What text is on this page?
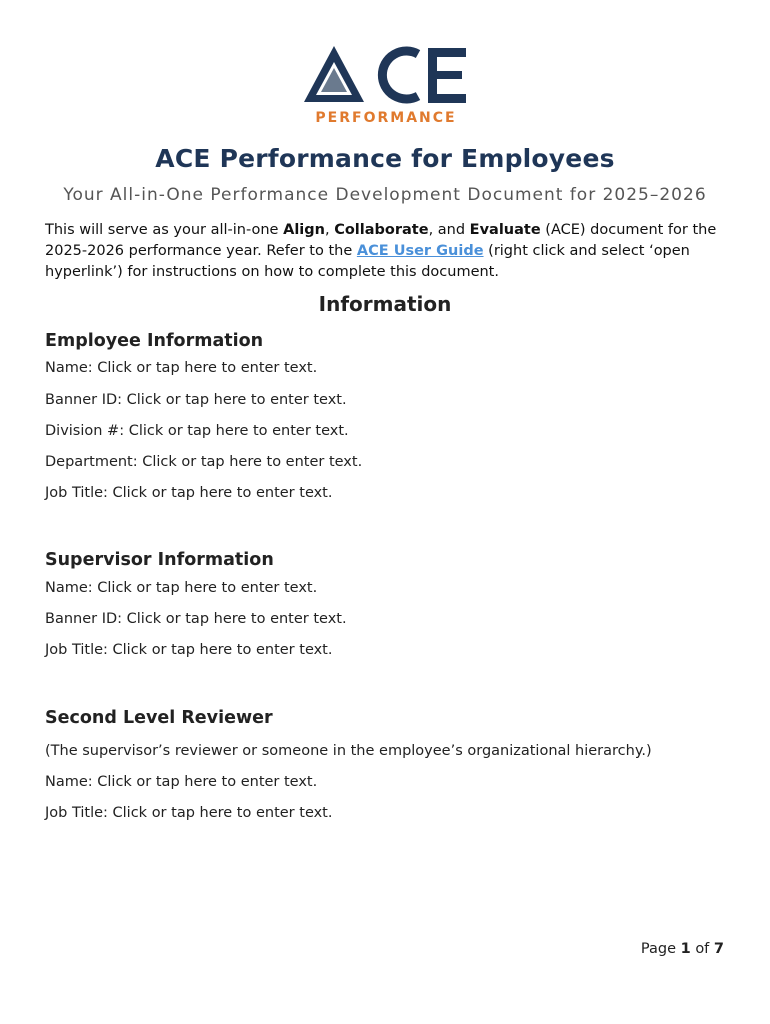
PERFORMANCE
ACE Performance for Employees
Your All-in-One Performance Development Document for 2025–2026
This will serve as your all-in-one Align, Collaborate, and Evaluate (ACE) document for the 2025-2026 performance year. Refer to the ACE User Guide (right click and select ‘open hyperlink’) for instructions on how to complete this document.
Information
Employee Information
Name: Click or tap here to enter text.
Banner ID: Click or tap here to enter text.
Division #: Click or tap here to enter text.
Department: Click or tap here to enter text.
Job Title: Click or tap here to enter text.
Supervisor Information
Name: Click or tap here to enter text.
Banner ID: Click or tap here to enter text.
Job Title: Click or tap here to enter text.
Second Level Reviewer
(The supervisor’s reviewer or someone in the employee’s organizational hierarchy.)
Name: Click or tap here to enter text.
Job Title: Click or tap here to enter text.
Page 1 of 7
